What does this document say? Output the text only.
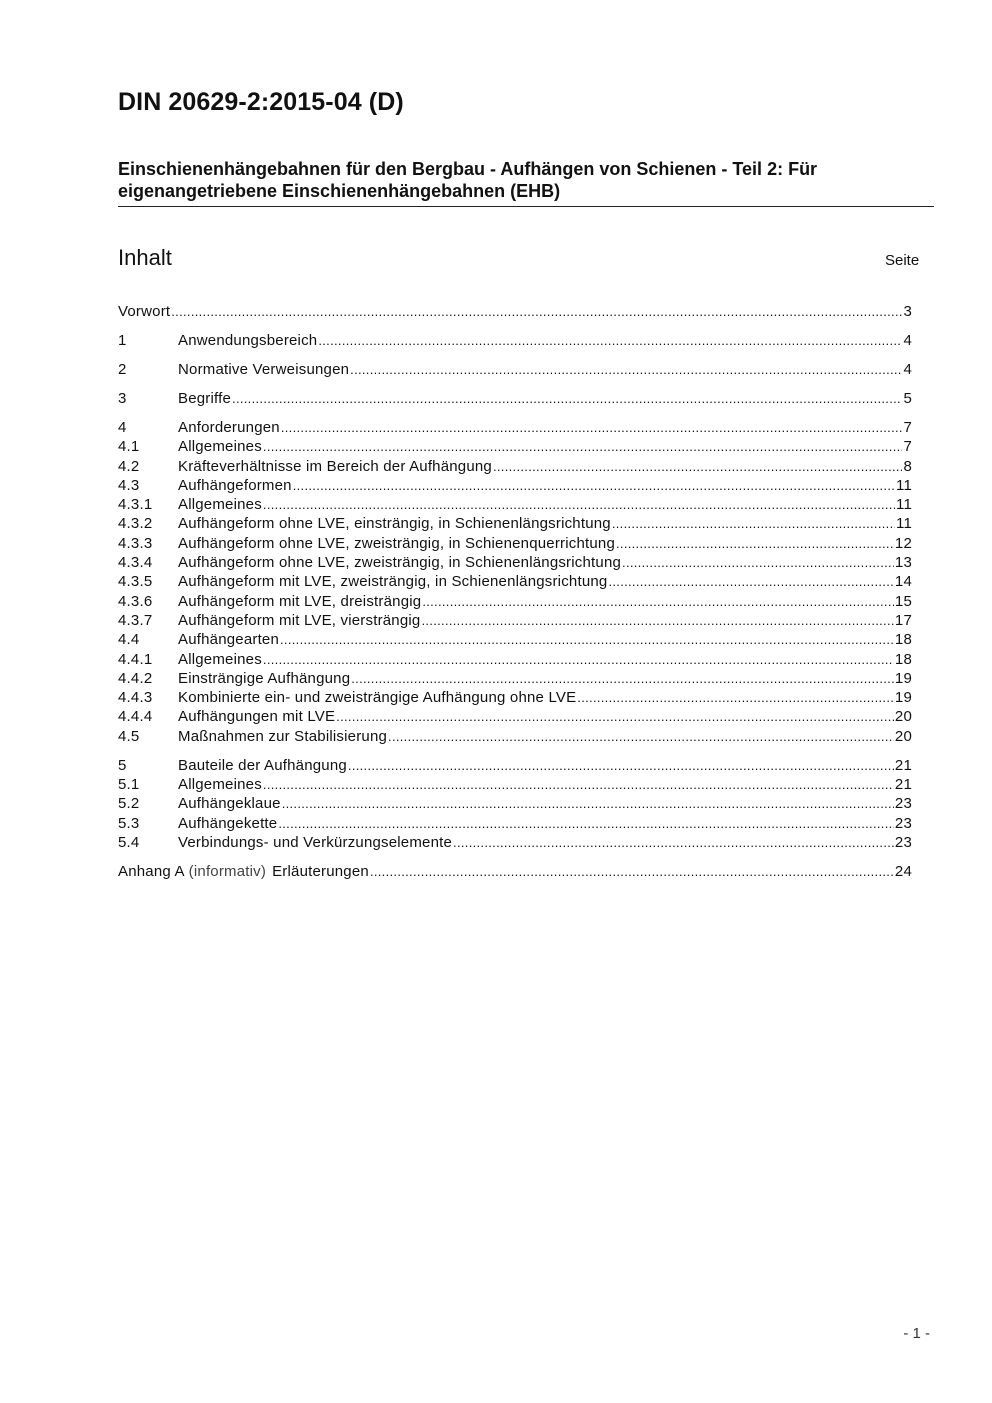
DIN 20629-2:2015-04 (D)
Einschienenhängebahnen für den Bergbau - Aufhängen von Schienen - Teil 2: Für
eigenangetriebene Einschienenhängebahnen (EHB)
Inhalt	Seite
Vorwort .....	3
1	Anwendungsbereich .....	4
2	Normative Verweisungen .....	4
3	Begriffe .....	5
4	Anforderungen .....	7
4.1	Allgemeines .....	7
4.2	Kräfteverhältnisse im Bereich der Aufhängung .....	8
4.3	Aufhängeformen .....	11
4.3.1	Allgemeines .....	11
4.3.2	Aufhängeform ohne LVE, einsträngig, in Schienenlängsrichtung .....	11
4.3.3	Aufhängeform ohne LVE, zweisträngig, in Schienenquerrichtung .....	12
4.3.4	Aufhängeform ohne LVE, zweisträngig, in Schienenlängsrichtung .....	13
4.3.5	Aufhängeform mit LVE, zweisträngig, in Schienenlängsrichtung .....	14
4.3.6	Aufhängeform mit LVE, dreisträngig .....	15
4.3.7	Aufhängeform mit LVE, viersträngig .....	17
4.4	Aufhängearten .....	18
4.4.1	Allgemeines .....	18
4.4.2	Einsträngige Aufhängung .....	19
4.4.3	Kombinierte ein- und zweisträngige Aufhängung ohne LVE .....	19
4.4.4	Aufhängungen mit LVE .....	20
4.5	Maßnahmen zur Stabilisierung .....	20
5	Bauteile der Aufhängung .....	21
5.1	Allgemeines .....	21
5.2	Aufhängeklaue .....	23
5.3	Aufhängekette .....	23
5.4	Verbindungs- und Verkürzungselemente .....	23
Anhang A (informativ) Erläuterungen .....	24
- 1 -
